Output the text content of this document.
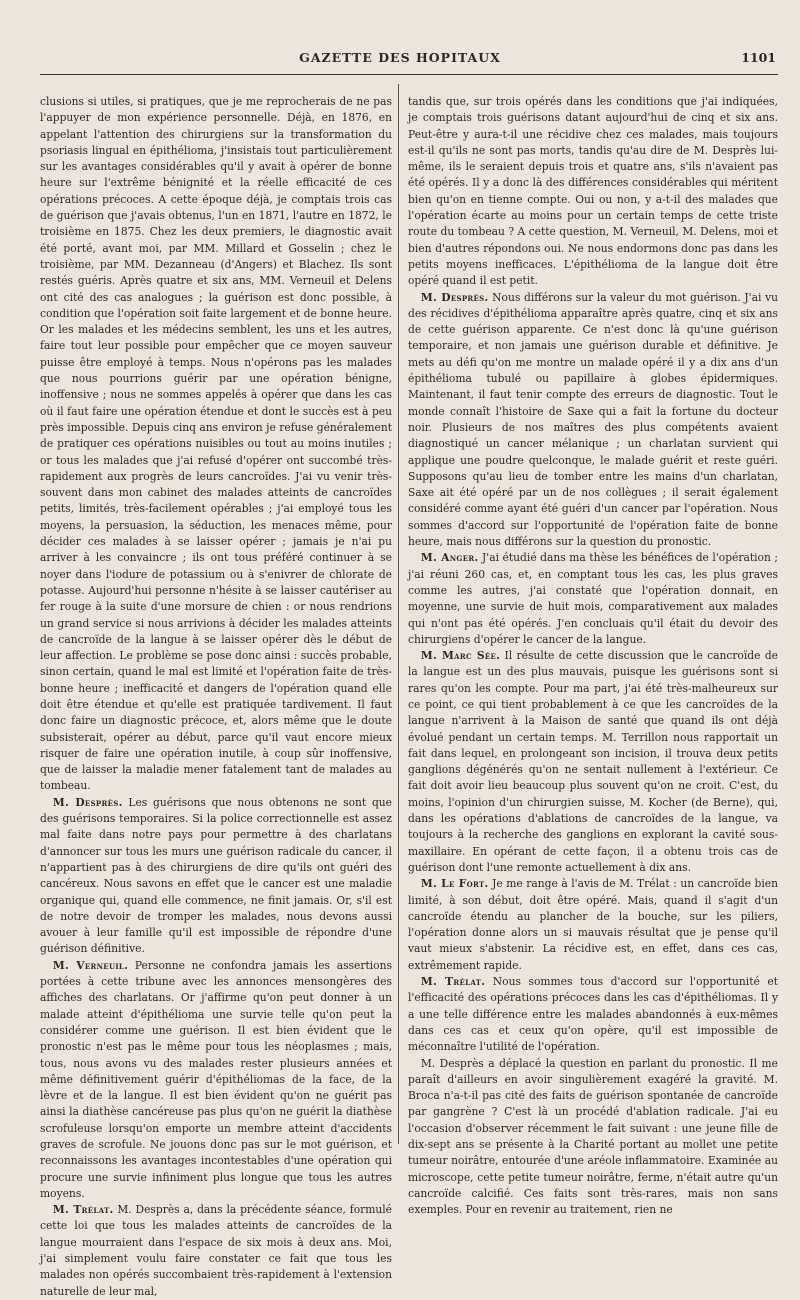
GAZETTE DES HOPITAUX	1101

clusions si utiles, si pratiques, que je me reprocherais de ne pas l'appuyer de mon expérience personnelle. Déjà, en 1876, en appelant l'attention des chirurgiens sur la transformation du psoriasis lingual en épithélioma, j'insistais tout particulièrement sur les avantages considérables qu'il y avait à opérer de bonne heure sur l'extrême bénignité et la réelle efficacité de ces opérations précoces. A cette époque déjà, je comptais trois cas de guérison que j'avais obtenus, l'un en 1871, l'autre en 1872, le troisième en 1875. Chez les deux premiers, le diagnostic avait été porté, avant moi, par MM. Millard et Gosselin ; chez le troisième, par MM. Dezanneau (d'Angers) et Blachez. Ils sont restés guéris. Après quatre et six ans, MM. Verneuil et Delens ont cité des cas analogues ; la guérison est donc possible, à condition que l'opération soit faite largement et de bonne heure. Or les malades et les médecins semblent, les uns et les autres, faire tout leur possible pour empêcher que ce moyen sauveur puisse être employé à temps. Nous n'opérons pas les malades que nous pourrions guérir par une opération bénigne, inoffensive ; nous ne sommes appelés à opérer que dans les cas où il faut faire une opération étendue et dont le succès est à peu près impossible. Depuis cinq ans environ je refuse généralement de pratiquer ces opérations nuisibles ou tout au moins inutiles ; or tous les malades que j'ai refusé d'opérer ont succombé très-rapidement aux progrès de leurs cancroïdes. J'ai vu venir très-souvent dans mon cabinet des malades atteints de cancroïdes petits, limités, très-facilement opérables ; j'ai employé tous les moyens, la persuasion, la séduction, les menaces même, pour décider ces malades à se laisser opérer ; jamais je n'ai pu arriver à les convaincre ; ils ont tous préféré continuer à se noyer dans l'iodure de potassium ou à s'enivrer de chlorate de potasse. Aujourd'hui personne n'hésite à se laisser cautériser au fer rouge à la suite d'une morsure de chien : or nous rendrions un grand service si nous arrivions à décider les malades atteints de cancroïde de la langue à se laisser opérer dès le début de leur affection. Le problème se pose donc ainsi : succès probable, sinon certain, quand le mal est limité et l'opération faite de très-bonne heure ; inefficacité et dangers de l'opération quand elle doit être étendue et qu'elle est pratiquée tardivement. Il faut donc faire un diagnostic précoce, et, alors même que le doute subsisterait, opérer au début, parce qu'il vaut encore mieux risquer de faire une opération inutile, à coup sûr inoffensive, que de laisser la maladie mener fatalement tant de malades au tombeau.

M. Desprès. Les guérisons que nous obtenons ne sont que des guérisons temporaires. Si la police correctionnelle est assez mal faite dans notre pays pour permettre à des charlatans d'annoncer sur tous les murs une guérison radicale du cancer, il n'appartient pas à des chirurgiens de dire qu'ils ont guéri des cancéreux. Nous savons en effet que le cancer est une maladie organique qui, quand elle commence, ne finit jamais. Or, s'il est de notre devoir de tromper les malades, nous devons aussi avouer à leur famille qu'il est impossible de répondre d'une guérison définitive.

M. Verneuil. Personne ne confondra jamais les assertions portées à cette tribune avec les annonces mensongères des affiches des charlatans. Or j'affirme qu'on peut donner à un malade atteint d'épithélioma une survie telle qu'on peut la considérer comme une guérison. Il est bien évident que le pronostic n'est pas le même pour tous les néoplasmes ; mais, tous, nous avons vu des malades rester plusieurs années et même définitivement guérir d'épithéliomas de la face, de la lèvre et de la langue. Il est bien évident qu'on ne guérit pas ainsi la diathèse cancéreuse pas plus qu'on ne guérit la diathèse scrofuleuse lorsqu'on emporte un membre atteint d'accidents graves de scrofule. Ne jouons donc pas sur le mot guérison, et reconnaissons les avantages incontestables d'une opération qui procure une survie infiniment plus longue que tous les autres moyens.

M. Trélat. M. Desprès a, dans la précédente séance, formulé cette loi que tous les malades atteints de cancroïdes de la langue mourraient dans l'espace de six mois à deux ans. Moi, j'ai simplement voulu faire constater ce fait que tous les malades non opérés succombaient très-rapidement à l'extension naturelle de leur mal,

tandis que, sur trois opérés dans les conditions que j'ai indiquées, je comptais trois guérisons datant aujourd'hui de cinq et six ans. Peut-être y aura-t-il une récidive chez ces malades, mais toujours est-il qu'ils ne sont pas morts, tandis qu'au dire de M. Desprès lui-même, ils le seraient depuis trois et quatre ans, s'ils n'avaient pas été opérés. Il y a donc là des différences considérables qui méritent bien qu'on en tienne compte. Oui ou non, y a-t-il des malades que l'opération écarte au moins pour un certain temps de cette triste route du tombeau ? A cette question, M. Verneuil, M. Delens, moi et bien d'autres répondons oui. Ne nous endormons donc pas dans les petits moyens inefficaces. L'épithélioma de la langue doit être opéré quand il est petit.

M. Desprès. Nous différons sur la valeur du mot guérison. J'ai vu des récidives d'épithélioma apparaître après quatre, cinq et six ans de cette guérison apparente. Ce n'est donc là qu'une guérison temporaire, et non jamais une guérison durable et définitive. Je mets au défi qu'on me montre un malade opéré il y a dix ans d'un épithélioma tubulé ou papillaire à globes épidermiques. Maintenant, il faut tenir compte des erreurs de diagnostic. Tout le monde connaît l'histoire de Saxe qui a fait la fortune du docteur noir. Plusieurs de nos maîtres des plus compétents avaient diagnostiqué un cancer mélanique ; un charlatan survient qui applique une poudre quelconque, le malade guérit et reste guéri. Supposons qu'au lieu de tomber entre les mains d'un charlatan, Saxe ait été opéré par un de nos collègues ; il serait également considéré comme ayant été guéri d'un cancer par l'opération. Nous sommes d'accord sur l'opportunité de l'opération faite de bonne heure, mais nous différons sur la question du pronostic.

M. Anger. J'ai étudié dans ma thèse les bénéfices de l'opération ; j'ai réuni 260 cas, et, en comptant tous les cas, les plus graves comme les autres, j'ai constaté que l'opération donnait, en moyenne, une survie de huit mois, comparativement aux malades qui n'ont pas été opérés. J'en concluais qu'il était du devoir des chirurgiens d'opérer le cancer de la langue.

M. Marc Sée. Il résulte de cette discussion que le cancroïde de la langue est un des plus mauvais, puisque les guérisons sont si rares qu'on les compte. Pour ma part, j'ai été très-malheureux sur ce point, ce qui tient probablement à ce que les cancroïdes de la langue n'arrivent à la Maison de santé que quand ils ont déjà évolué pendant un certain temps. M. Terrillon nous rapportait un fait dans lequel, en prolongeant son incision, il trouva deux petits ganglions dégénérés qu'on ne sentait nullement à l'extérieur. Ce fait doit avoir lieu beaucoup plus souvent qu'on ne croit. C'est, du moins, l'opinion d'un chirurgien suisse, M. Kocher (de Berne), qui, dans les opérations d'ablations de cancroïdes de la langue, va toujours à la recherche des ganglions en explorant la cavité sous-maxillaire. En opérant de cette façon, il a obtenu trois cas de guérison dont l'une remonte actuellement à dix ans.

M. Le Fort. Je me range à l'avis de M. Trélat : un cancroïde bien limité, à son début, doit être opéré. Mais, quand il s'agit d'un cancroïde étendu au plancher de la bouche, sur les piliers, l'opération donne alors un si mauvais résultat que je pense qu'il vaut mieux s'abstenir. La récidive est, en effet, dans ces cas, extrêmement rapide.

M. Trélat. Nous sommes tous d'accord sur l'opportunité et l'efficacité des opérations précoces dans les cas d'épithéliomas. Il y a une telle différence entre les malades abandonnés à eux-mêmes dans ces cas et ceux qu'on opère, qu'il est impossible de méconnaître l'utilité de l'opération.

M. Desprès a déplacé la question en parlant du pronostic. Il me paraît d'ailleurs en avoir singulièrement exagéré la gravité. M. Broca n'a-t-il pas cité des faits de guérison spontanée de cancroïde par gangrène ? C'est là un procédé d'ablation radicale. J'ai eu l'occasion d'observer récemment le fait suivant : une jeune fille de dix-sept ans se présente à la Charité portant au mollet une petite tumeur noirâtre, entourée d'une aréole inflammatoire. Examinée au microscope, cette petite tumeur noirâtre, ferme, n'était autre qu'un cancroïde calcifié. Ces faits sont très-rares, mais non sans exemples. Pour en revenir au traitement, rien ne
